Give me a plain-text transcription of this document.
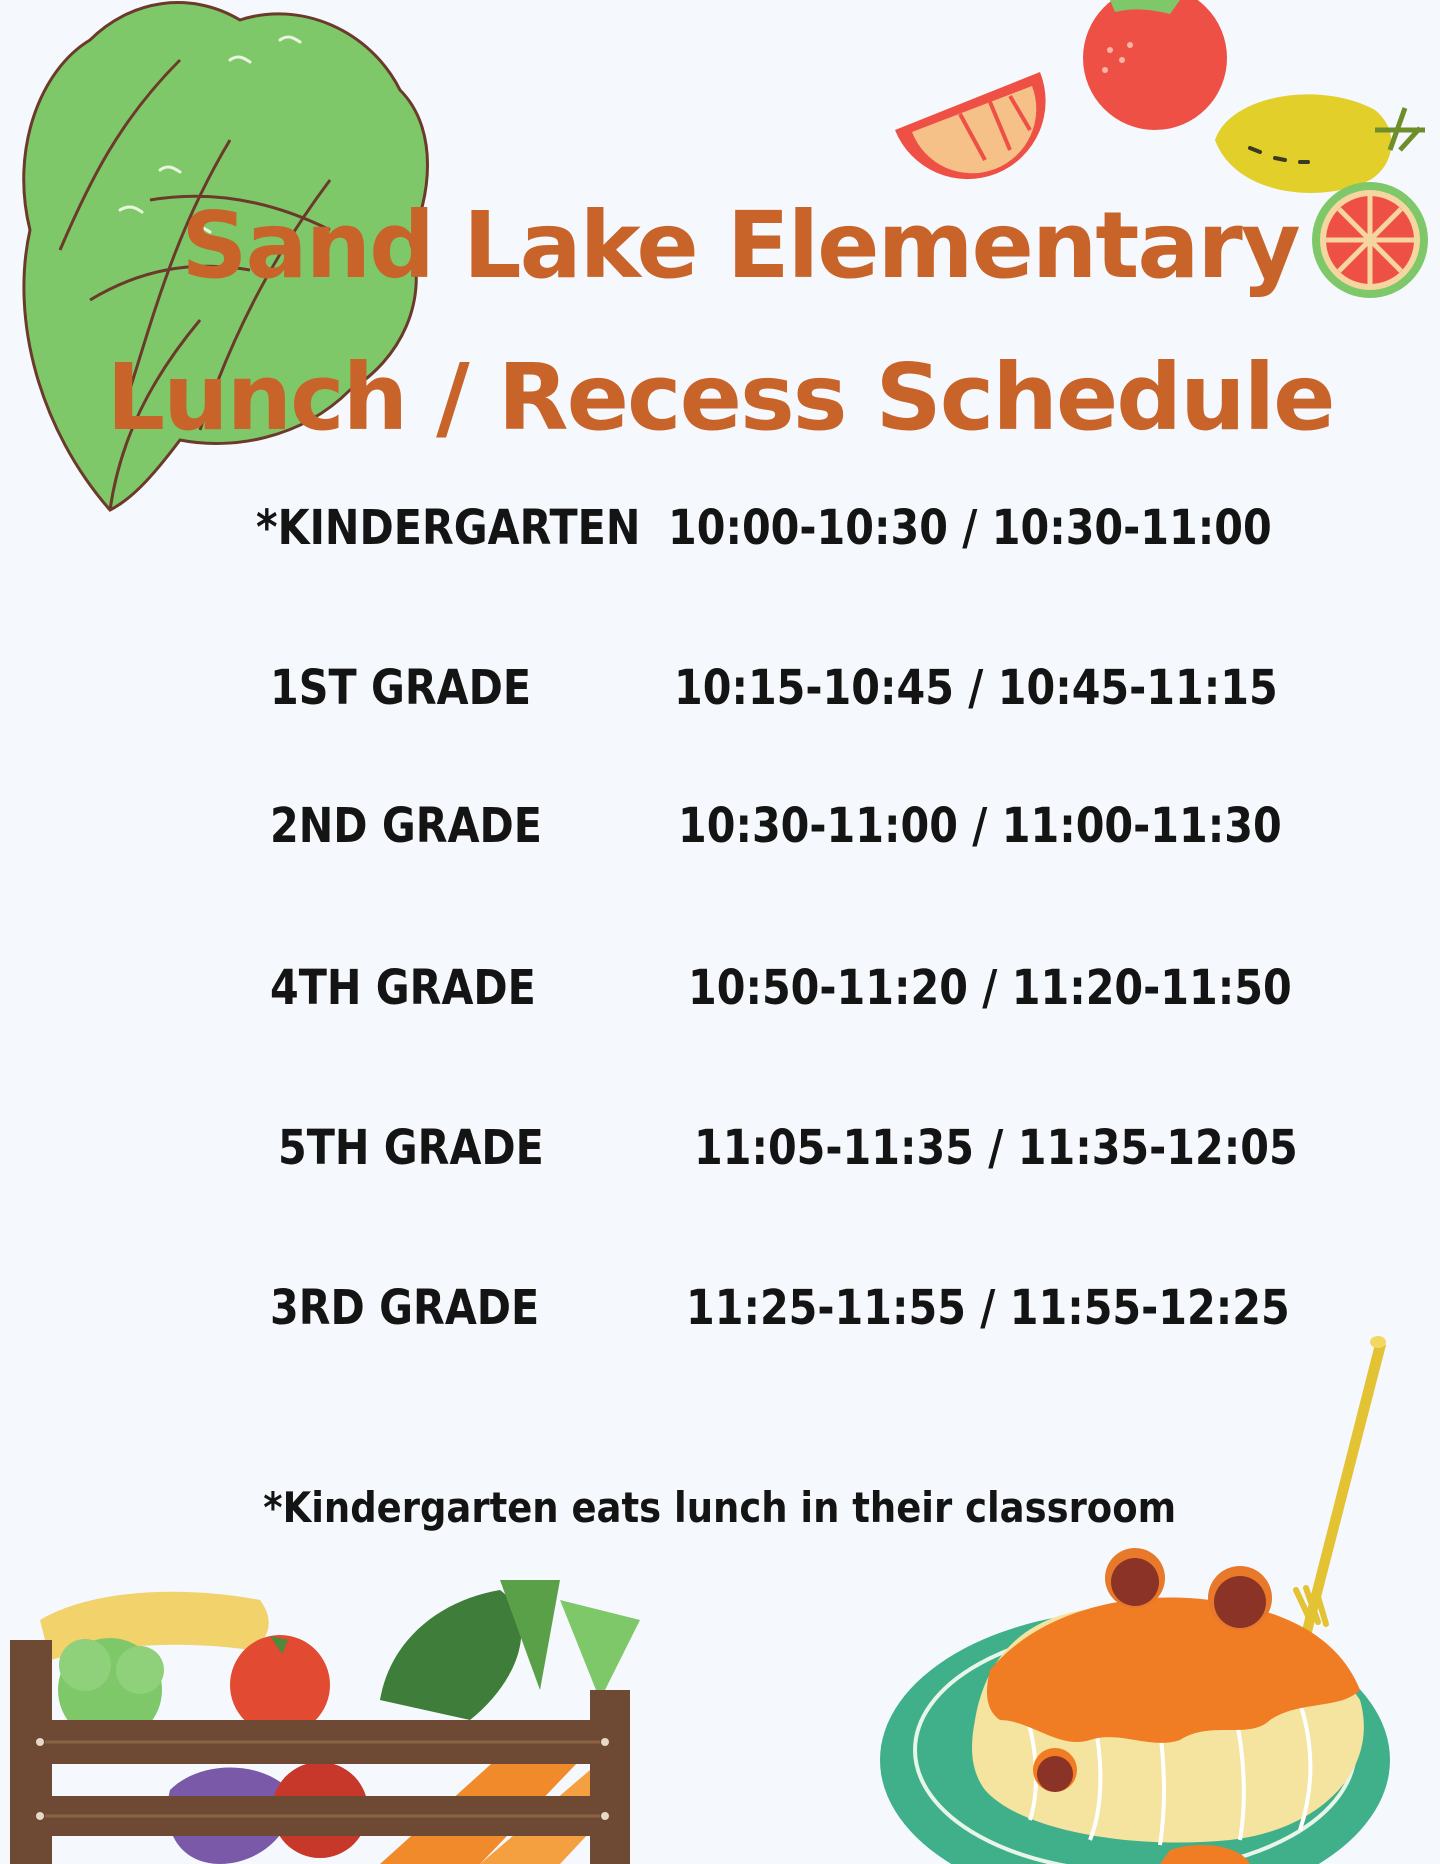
Sand Lake Elementary
Lunch / Recess Schedule
*KINDERGARTEN 10:00-10:30 / 10:30-11:00
1ST GRADE	10:15-10:45 / 10:45-11:15
2ND GRADE	10:30-11:00 / 11:00-11:30
4TH GRADE	10:50-11:20 / 11:20-11:50
5TH GRADE	11:05-11:35 / 11:35-12:05
3RD GRADE	11:25-11:55 / 11:55-12:25
*Kindergarten eats lunch in their classroom
